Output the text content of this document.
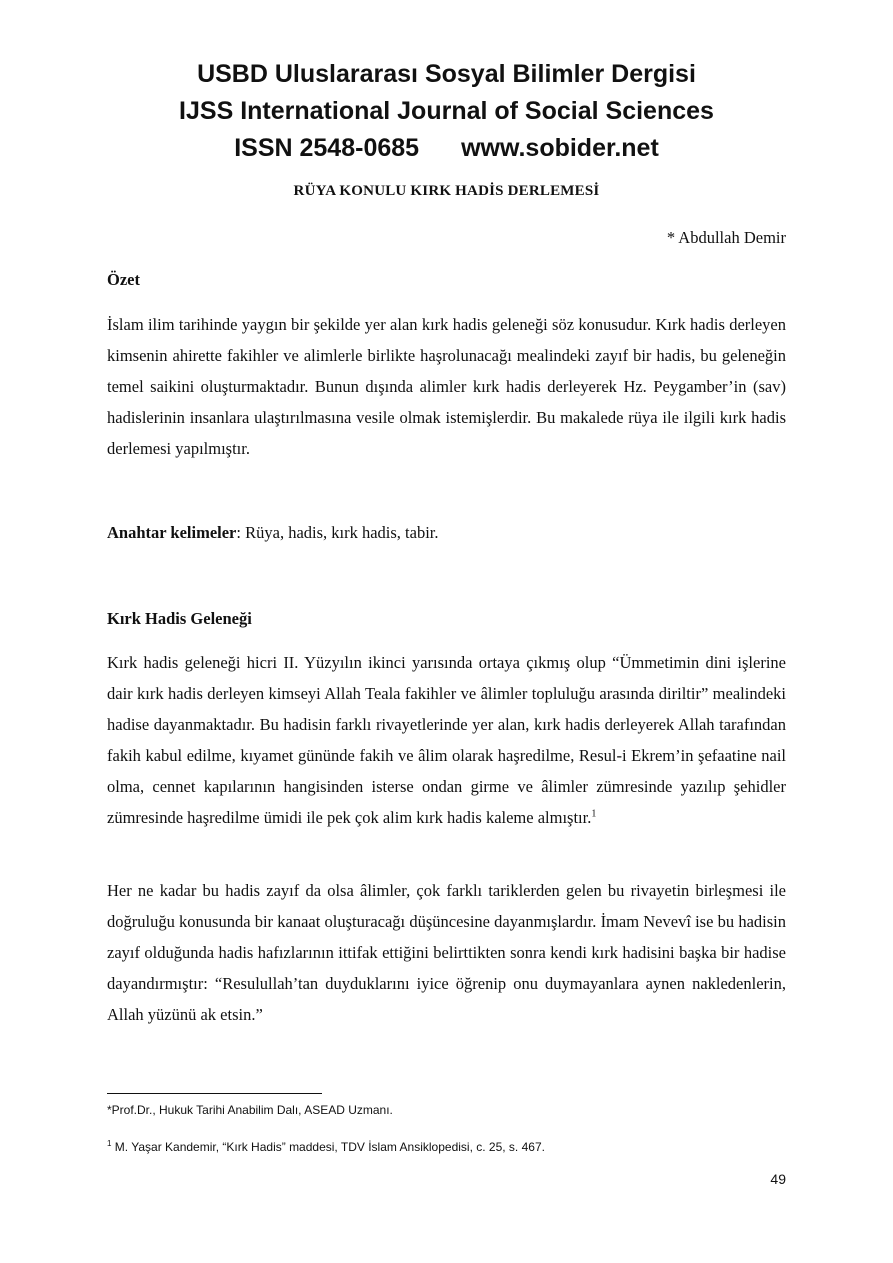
USBD Uluslararası Sosyal Bilimler Dergisi
IJSS International Journal of Social Sciences
ISSN 2548-0685 www.sobider.net
RÜYA KONULU KIRK HADİS DERLEMESİ
* Abdullah Demir
Özet

İslam ilim tarihinde yaygın bir şekilde yer alan kırk hadis geleneği söz konusudur. Kırk hadis derleyen kimsenin ahirette fakihler ve alimlerle birlikte haşrolunacağı mealindeki zayıf bir hadis, bu geleneğin temel saikini oluşturmaktadır. Bunun dışında alimler kırk hadis derleyerek Hz. Peygamber’in (sav) hadislerinin insanlara ulaştırılmasına vesile olmak istemişlerdir. Bu makalede rüya ile ilgili kırk hadis derlemesi yapılmıştır.

Anahtar kelimeler: Rüya, hadis, kırk hadis, tabir.
Kırk Hadis Geleneği

Kırk hadis geleneği hicri II. Yüzyılın ikinci yarısında ortaya çıkmış olup “Ümmetimin dini işlerine dair kırk hadis derleyen kimseyi Allah Teala fakihler ve âlimler topluluğu arasında diriltir” mealindeki hadise dayanmaktadır. Bu hadisin farklı rivayetlerinde yer alan, kırk hadis derleyerek Allah tarafından fakih kabul edilme, kıyamet gününde fakih ve âlim olarak haşredilme, Resul-i Ekrem’in şefaatine nail olma, cennet kapılarının hangisinden isterse ondan girme ve âlimler zümresinde yazılıp şehidler zümresinde haşredilme ümidi ile pek çok alim kırk hadis kaleme almıştır.$^1$

Her ne kadar bu hadis zayıf da olsa âlimler, çok farklı tariklerden gelen bu rivayetin birleşmesi ile doğruluğu konusunda bir kanaat oluşturacağı düşüncesine dayanmışlardır. İmam Nevevî ise bu hadisin zayıf olduğunda hadis hafızlarının ittifak ettiğini belirttikten sonra kendi kırk hadisini başka bir hadise dayandırmıştır: “Resulullah’tan duyduklarını iyice öğrenip onu duymayanlara aynen nakledenlerin, Allah yüzünü ak etsin.”

*Prof.Dr., Hukuk Tarihi Anabilim Dalı, ASEAD Uzmanı.
$^1$ M. Yaşar Kandemir, “Kırk Hadis” maddesi, TDV İslam Ansiklopedisi, c. 25, s. 467.
49
